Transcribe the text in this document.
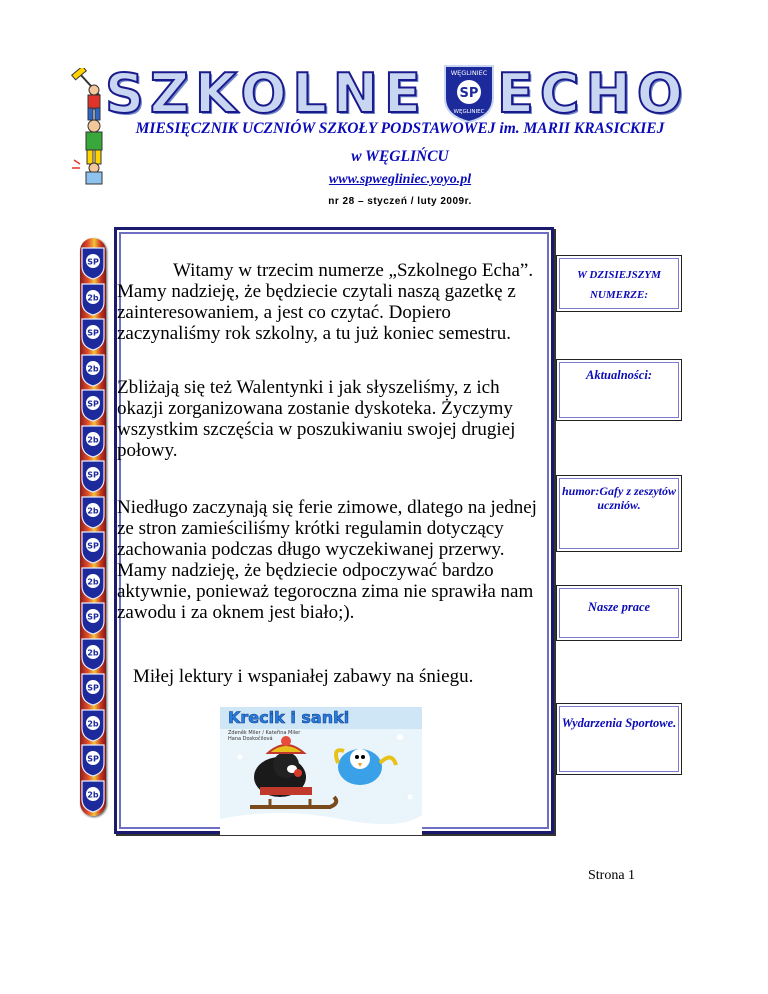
SZKOLNE	WĘGLINIEC
SP
WĘGLINIEC ECHO
MIESIĘCZNIK UCZNIÓW SZKOŁY PODSTAWOWEJ im. MARII KRASICKIEJ
w WĘGLIŃCU
www.spwegliniec.yoyo.pl
nr 28 – styczeń / luty 2009r.
SP
2b
SP
2b
SP
2b
SP
2b
SP
2b
SP
2b
SP
2b
SP
2b
Witamy w trzecim numerze „Szkolnego Echa”. Mamy nadzieję, że będziecie czytali naszą gazetkę z zainteresowaniem, a jest co czytać. Dopiero zaczynaliśmy rok szkolny, a tu już koniec semestru.
Zbliżają się też Walentynki i jak słyszeliśmy, z ich okazji zorganizowana zostanie dyskoteka. Życzymy wszystkim szczęścia w poszukiwaniu swojej drugiej połowy.
Niedługo zaczynają się ferie zimowe, dlatego na jednej ze stron zamieściliśmy krótki regulamin dotyczący zachowania podczas długo wyczekiwanej przerwy. Mamy nadzieję, że będziecie odpoczywać bardzo aktywnie, ponieważ tegoroczna zima nie sprawiła nam zawodu i za oknem jest biało;).
Miłej lektury i wspaniałej zabawy na śniegu.
Krecik i sanki
Zdeněk Miler / Kateřina Miler
Hana Doskočilová
W DZISIEJSZYM
NUMERZE:
Aktualności:
humor:Gafy z zeszytów uczniów.
Nasze prace
Wydarzenia Sportowe.
Strona 1
